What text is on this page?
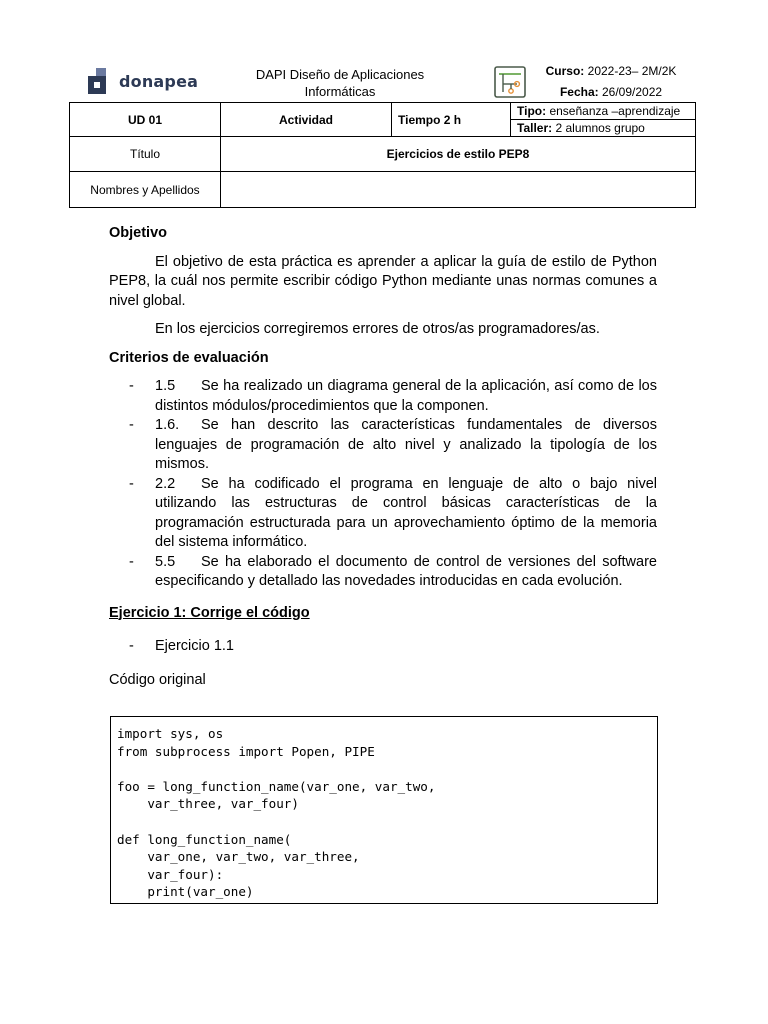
donapea	DAPI Diseño de Aplicaciones
Informáticas
Curso: 2022-23– 2M/2K
Fecha: 26/09/2022
UD 01	Actividad	Tiempo 2 h	Tipo: enseñanza –aprendizaje
			Taller: 2 alumnos grupo
Título	Ejercicios de estilo PEP8		
Nombres y Apellidos			

Objetivo

El objetivo de esta práctica es aprender a aplicar la guía de estilo de Python PEP8, la cuál nos permite escribir código Python mediante unas normas comunes a nivel global.

En los ejercicios corregiremos errores de otros/as programadores/as.

Criterios de evaluación

- 1.5 Se ha realizado un diagrama general de la aplicación, así como de los distintos módulos/procedimientos que la componen.
- 1.6. Se han descrito las características fundamentales de diversos lenguajes de programación de alto nivel y analizado la tipología de los mismos.
- 2.2 Se ha codificado el programa en lenguaje de alto o bajo nivel utilizando las estructuras de control básicas características de la programación estructurada para un aprovechamiento óptimo de la memoria del sistema informático.
- 5.5 Se ha elaborado el documento de control de versiones del software especificando y detallado las novedades introducidas en cada evolución.

Ejercicio 1: Corrige el código

- Ejercicio 1.1

Código original

import sys, os
from subprocess import Popen, PIPE

foo = long_function_name(var_one, var_two,
var_three, var_four)

def long_function_name(
var_one, var_two, var_three,
var_four):
print(var_one)
